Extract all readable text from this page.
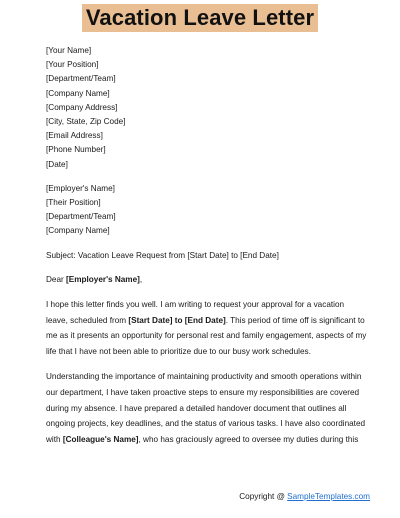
Vacation Leave Letter
[Your Name]
[Your Position]
[Department/Team]
[Company Name]
[Company Address]
[City, State, Zip Code]
[Email Address]
[Phone Number]
[Date]
[Employer's Name]
[Their Position]
[Department/Team]
[Company Name]
Subject: Vacation Leave Request from [Start Date] to [End Date]
Dear [Employer's Name],
I hope this letter finds you well. I am writing to request your approval for a vacation leave, scheduled from [Start Date] to [End Date]. This period of time off is significant to me as it presents an opportunity for personal rest and family engagement, aspects of my life that I have not been able to prioritize due to our busy work schedules.
Understanding the importance of maintaining productivity and smooth operations within our department, I have taken proactive steps to ensure my responsibilities are covered during my absence. I have prepared a detailed handover document that outlines all ongoing projects, key deadlines, and the status of various tasks. I have also coordinated with [Colleague's Name], who has graciously agreed to oversee my duties during this
Copyright @ SampleTemplates.com
